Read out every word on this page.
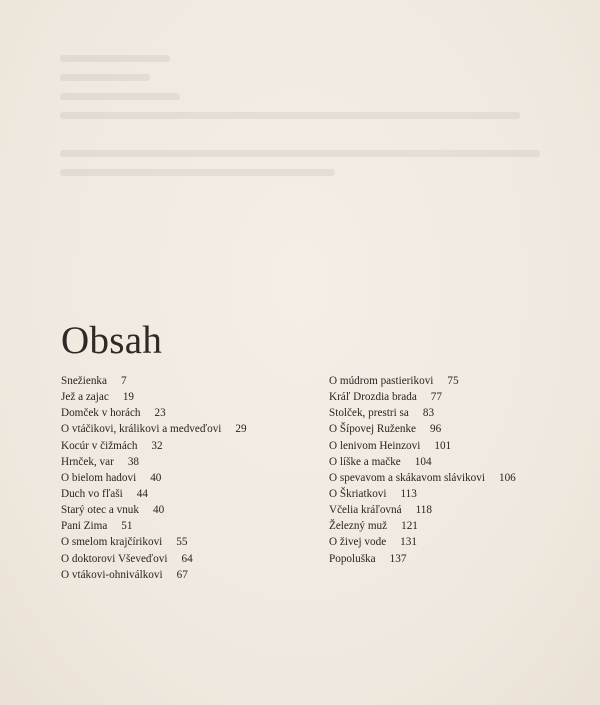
Obsah
Snežienka 7
Jež a zajac 19
Domček v horách 23
O vtáčikovi, králikovi a medveďovi 29
Kocúr v čižmách 32
Hrnček, var 38
O bielom hadovi 40
Duch vo fľaši 44
Starý otec a vnuk 40
Pani Zima 51
O smelom krajčírikovi 55
O doktorovi Vševeďovi 64
O vtákovi-ohniválkovi 67
O múdrom pastierikovi 75
Kráľ Drozdia brada 77
Stolček, prestri sa 83
O Šípovej Ruženke 96
O lenivom Heinzovi 101
O líške a mačke 104
O spevavom a skákavom slávikovi 106
O Škriatkovi 113
Včelia kráľovná 118
Železný muž 121
O živej vode 131
Popoluška 137
